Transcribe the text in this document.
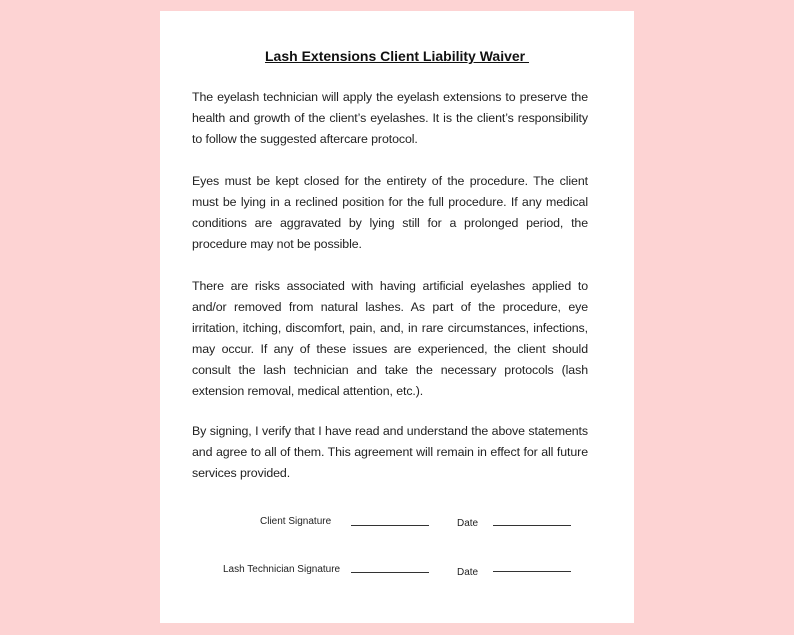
Lash Extensions Client Liability Waiver

The eyelash technician will apply the eyelash extensions to preserve the health and growth of the client’s eyelashes. It is the client’s responsibility to follow the suggested aftercare protocol.

Eyes must be kept closed for the entirety of the procedure. The client must be lying in a reclined position for the full procedure. If any medical conditions are aggravated by lying still for a prolonged period, the procedure may not be possible.

There are risks associated with having artificial eyelashes applied to and/or removed from natural lashes. As part of the procedure, eye irritation, itching, discomfort, pain, and, in rare circumstances, infections, may occur. If any of these issues are experienced, the client should consult the lash technician and take the necessary protocols (lash extension removal, medical attention, etc.).

By signing, I verify that I have read and understand the above statements and agree to all of them. This agreement will remain in effect for all future services provided.

Client Signature	Date
Lash Technician Signature	Date
